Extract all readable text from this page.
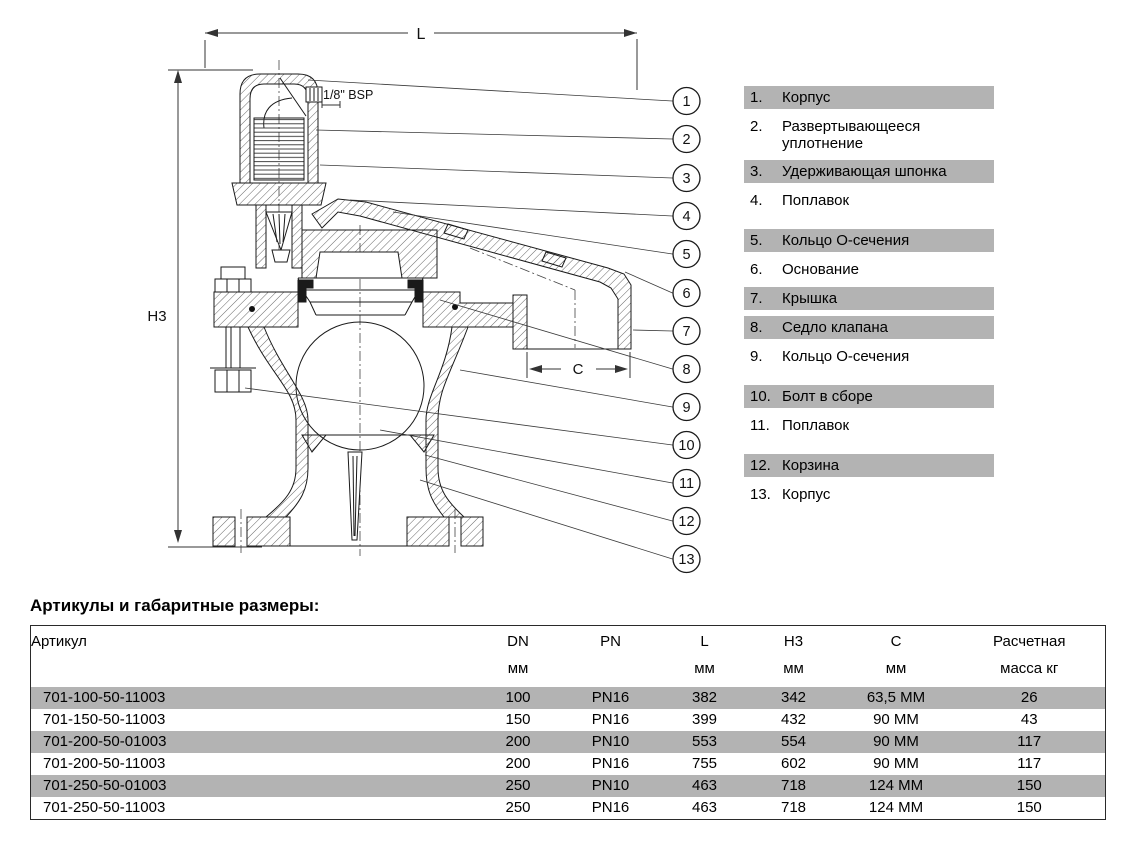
L
H3
C
1/8" BSP	1
2
3
4
5
6
7
8
9
10
11
12
13
1.	Корпус
2.	Развертывающееся уплотнение
3.	Удерживающая шпонка
4.	Поплавок
5.	Кольцо О-сечения
6.	Основание
7.	Крышка
8.	Седло клапана
9.	Кольцо О-сечения
10. Болт в сборе
11. Поплавок
12. Корзина
13. Корпус

Артикулы и габаритные размеры:

Артикул	DN	PN	L	H3	C	Расчетная
	мм		мм	мм	мм	масса кг
701-100-50-11003	100	PN16	382	342	63,5 ММ	26
701-150-50-11003	150	PN16	399	432	90 ММ	43
701-200-50-01003	200	PN10	553	554	90 ММ	117
701-200-50-11003	200	PN16	755	602	90 ММ	117
701-250-50-01003	250	PN10	463	718	124 ММ	150
701-250-50-11003	250	PN16	463	718	124 ММ	150
